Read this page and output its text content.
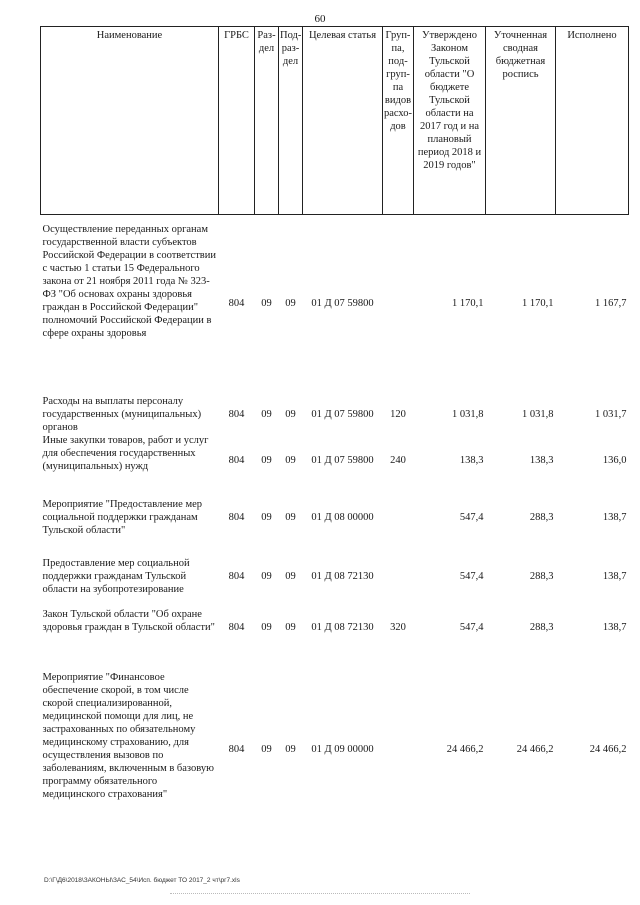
60
Наименование	ГРБС	Раз-дел	Под-раз-дел	Целевая статья	Груп-па, под-груп-па видов расхо-дов	Утверждено Законом Тульской области "О бюджете Тульской области на 2017 год и на плановый период 2018 и 2019 годов"	Уточненная сводная бюджетная роспись	Исполнено

Осуществление переданных органам государственной власти субъектов Российской Федерации в соответствии с частью 1 статьи 15 Федерального закона от 21 ноября 2011 года № 323-ФЗ "Об основах охраны здоровья граждан в Российской Федерации" полномочий Российской Федерации в сфере охраны здоровья	804	09	09	01 Д 07 59800		1 170,1	1 170,1	1 167,7

Расходы на выплаты персоналу государственных (муниципальных) органов	804	09	09	01 Д 07 59800	120	1 031,8	1 031,8	1 031,7
Иные закупки товаров, работ и услуг для обеспечения государственных (муниципальных) нужд	804	09	09	01 Д 07 59800	240	138,3	138,3	136,0

Мероприятие "Предоставление мер социальной поддержки гражданам Тульской области"	804	09	09	01 Д 08 00000		547,4	288,3	138,7

Предоставление мер социальной поддержки гражданам Тульской области на зубопротезирование	804	09	09	01 Д 08 72130		547,4	288,3	138,7

Закон Тульской области "Об охране здоровья граждан в Тульской области"	804	09	09	01 Д 08 72130	320	547,4	288,3	138,7

Мероприятие "Финансовое обеспечение скорой, в том числе скорой специализированной, медицинской помощи для лиц, не застрахованных по обязательному медицинскому страхованию, для осуществления вызовов по заболеваниям, включенным в базовую программу обязательного медицинского страхования"	804	09	09	01 Д 09 00000		24 466,2	24 466,2	24 466,2
D:\Г\Д6\2018\ЗАКОНЫ\ЗАС_54\Исп. бюджет ТО 2017_2 чт\рг7.xls
